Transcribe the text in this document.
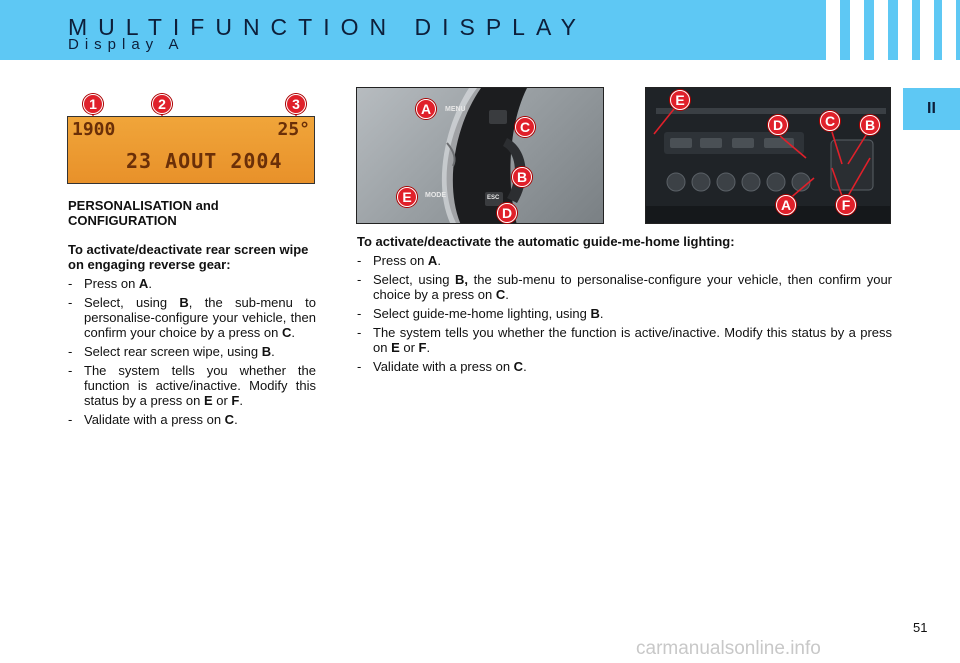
MULTIFUNCTION DISPLAY
Display A
II
1	2	3
1900	25°
23 AOUT 2004
MENU
MODE	ESC
A
C
B
E
D
E
D	C	B
A	F
PERSONALISATION and CONFIGURATION
To activate/deactivate rear screen wipe on engaging reverse gear:
- Press on A.
- Select, using B, the sub-menu to personalise-configure your vehicle, then confirm your choice by a press on C.
- Select rear screen wipe, using B.
- The system tells you whether the function is active/inactive. Modify this status by a press on E or F.
- Validate with a press on C.
To activate/deactivate the automatic guide-me-home lighting:
- Press on A.
- Select, using B, the sub-menu to personalise-configure your vehicle, then confirm your choice by a press on C.
- Select guide-me-home lighting, using B.
- The system tells you whether the function is active/inactive. Modify this status by a press on E or F.
- Validate with a press on C.
51
carmanualsonline.info
